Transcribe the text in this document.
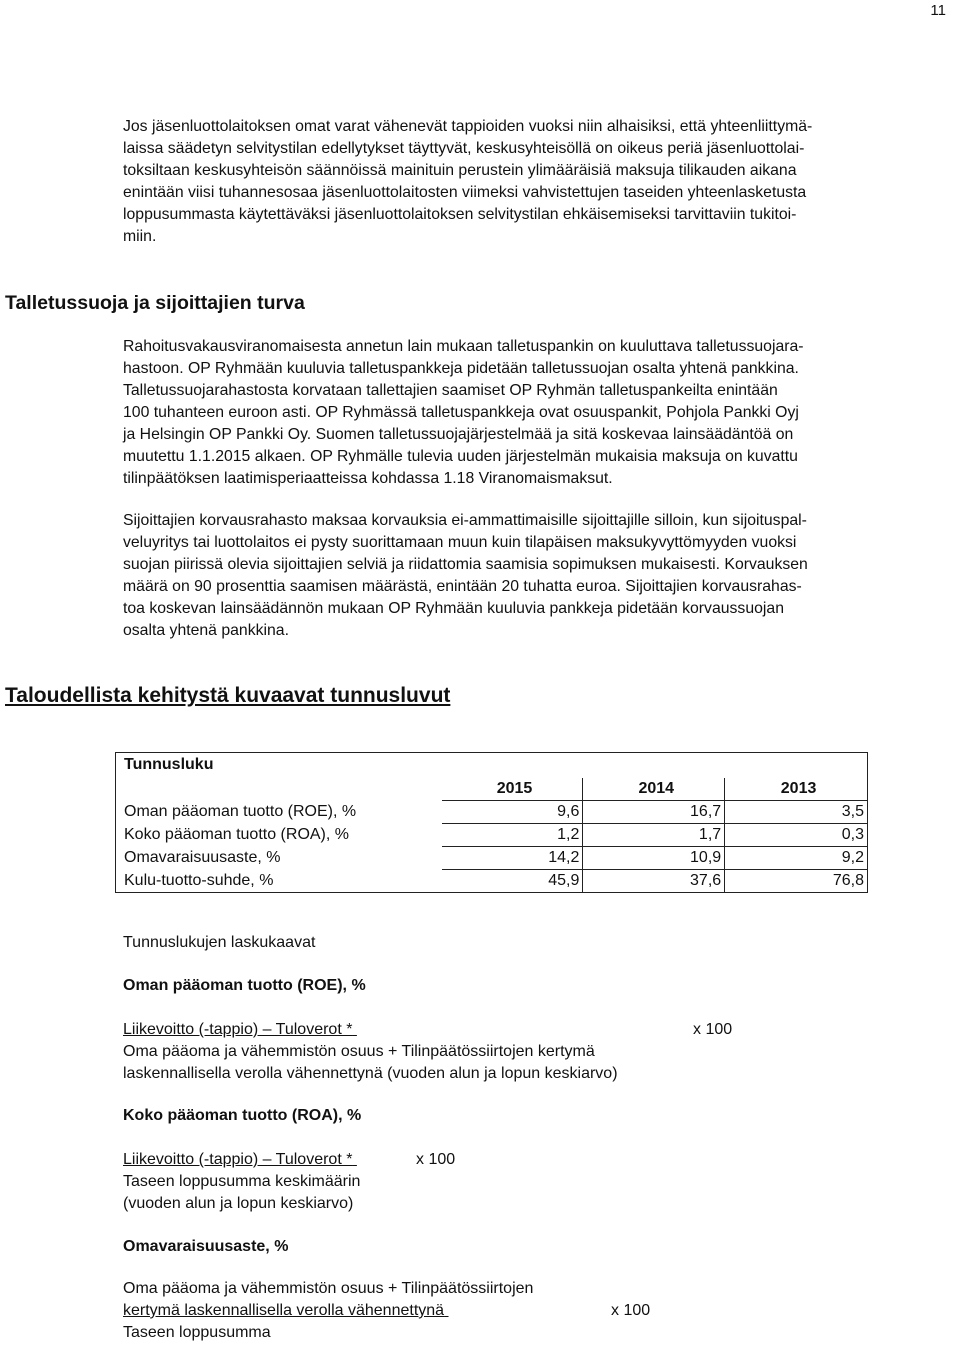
11

Jos jäsenluottolaitoksen omat varat vähenevät tappioiden vuoksi niin alhaisiksi, että yhteenliittymä-
laissa säädetyn selvitystilan edellytykset täyttyvät, keskusyhteisöllä on oikeus periä jäsenluottolai-
toksiltaan keskusyhteisön säännöissä mainituin perustein ylimääräisiä maksuja tilikauden aikana
enintään viisi tuhannesosaa jäsenluottolaitosten viimeksi vahvistettujen taseiden yhteenlasketusta
loppusummasta käytettäväksi jäsenluottolaitoksen selvitystilan ehkäisemiseksi tarvittaviin tukitoi-
miin.

Talletussuoja ja sijoittajien turva

Rahoitusvakausviranomaisesta annetun lain mukaan talletuspankin on kuuluttava talletussuojara-
hastoon. OP Ryhmään kuuluvia talletuspankkeja pidetään talletussuojan osalta yhtenä pankkina.
Talletussuojarahastosta korvataan tallettajien saamiset OP Ryhmän talletuspankeilta enintään
100 tuhanteen euroon asti. OP Ryhmässä talletuspankkeja ovat osuuspankit, Pohjola Pankki Oyj
ja Helsingin OP Pankki Oy. Suomen talletussuojajärjestelmää ja sitä koskevaa lainsäädäntöä on
muutettu 1.1.2015 alkaen. OP Ryhmälle tulevia uuden järjestelmän mukaisia maksuja on kuvattu
tilinpäätöksen laatimisperiaatteissa kohdassa 1.18 Viranomaismaksut.

Sijoittajien korvausrahasto maksaa korvauksia ei-ammattimaisille sijoittajille silloin, kun sijoituspal-
veluyritys tai luottolaitos ei pysty suorittamaan muun kuin tilapäisen maksukyvyttömyyden vuoksi
suojan piirissä olevia sijoittajien selviä ja riidattomia saamisia sopimuksen mukaisesti. Korvauksen
määrä on 90 prosenttia saamisen määrästä, enintään 20 tuhatta euroa. Sijoittajien korvausrahas-
toa koskevan lainsäädännön mukaan OP Ryhmään kuuluvia pankkeja pidetään korvaussuojan
osalta yhtenä pankkina.

Taloudellista kehitystä kuvaavat tunnusluvut
Tunnusluku			
	2015	2014	2013
Oman pääoman tuotto (ROE), %	9,6	16,7	3,5
Koko pääoman tuotto (ROA), %	1,2	1,7	0,3
Omavaraisuusaste, %	14,2	10,9	9,2
Kulu-tuotto-suhde, %	45,9	37,6	76,8

Tunnuslukujen laskukaavat

Oman pääoman tuotto (ROE), %

Liikevoitto (-tappio) – Tuloverot *	x 100

Oma pääoma ja vähemmistön osuus + Tilinpäätössiirtojen kertymä

laskennallisella verolla vähennettynä (vuoden alun ja lopun keskiarvo)

Koko pääoman tuotto (ROA), %

Liikevoitto (-tappio) – Tuloverot *	x 100

Taseen loppusumma keskimäärin

(vuoden alun ja lopun keskiarvo)

Omavaraisuusaste, %

Oma pääoma ja vähemmistön osuus + Tilinpäätössiirtojen

kertymä laskennallisella verolla vähennettynä	x 100

Taseen loppusumma
